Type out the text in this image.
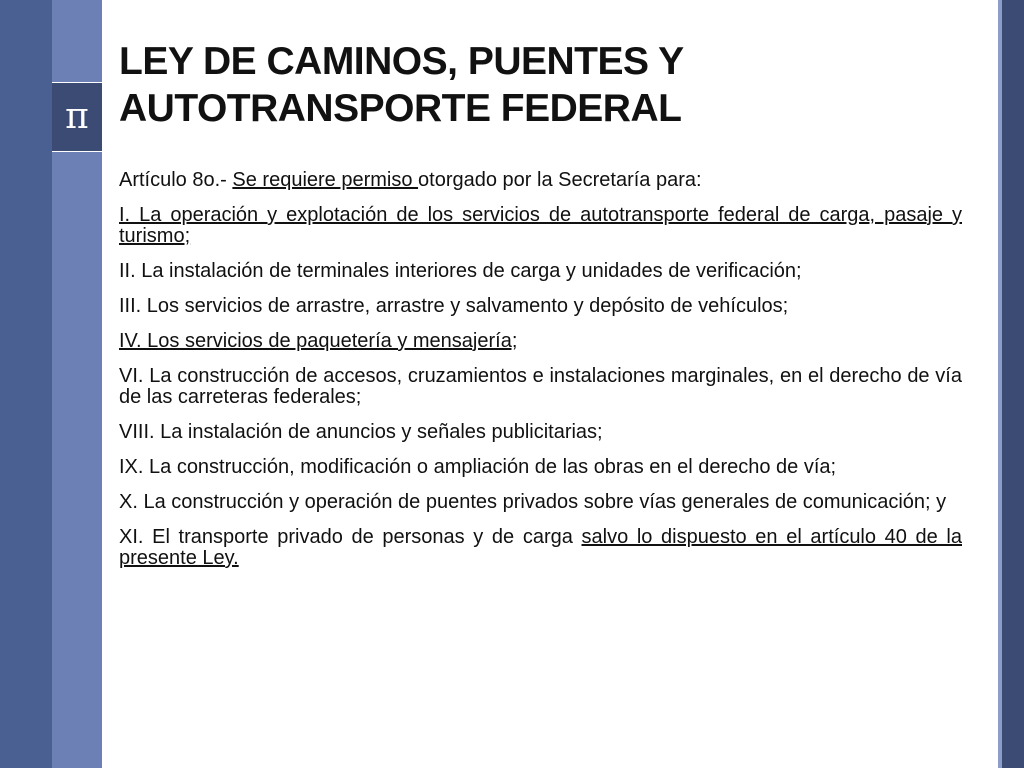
π
LEY DE CAMINOS, PUENTES Y
AUTOTRANSPORTE FEDERAL

Artículo 8o.- Se requiere permiso otorgado por la Secretaría para:

I. La operación y explotación de los servicios de autotransporte federal de carga, pasaje y turismo;

II. La instalación de terminales interiores de carga y unidades de verificación;

III. Los servicios de arrastre, arrastre y salvamento y depósito de vehículos;

IV. Los servicios de paquetería y mensajería;

VI. La construcción de accesos, cruzamientos e instalaciones marginales, en el derecho de vía de las carreteras federales;

VIII. La instalación de anuncios y señales publicitarias;

IX. La construcción, modificación o ampliación de las obras en el derecho de vía;

X. La construcción y operación de puentes privados sobre vías generales de comunicación; y

XI. El transporte privado de personas y de carga salvo lo dispuesto en el artículo 40 de la presente Ley.
